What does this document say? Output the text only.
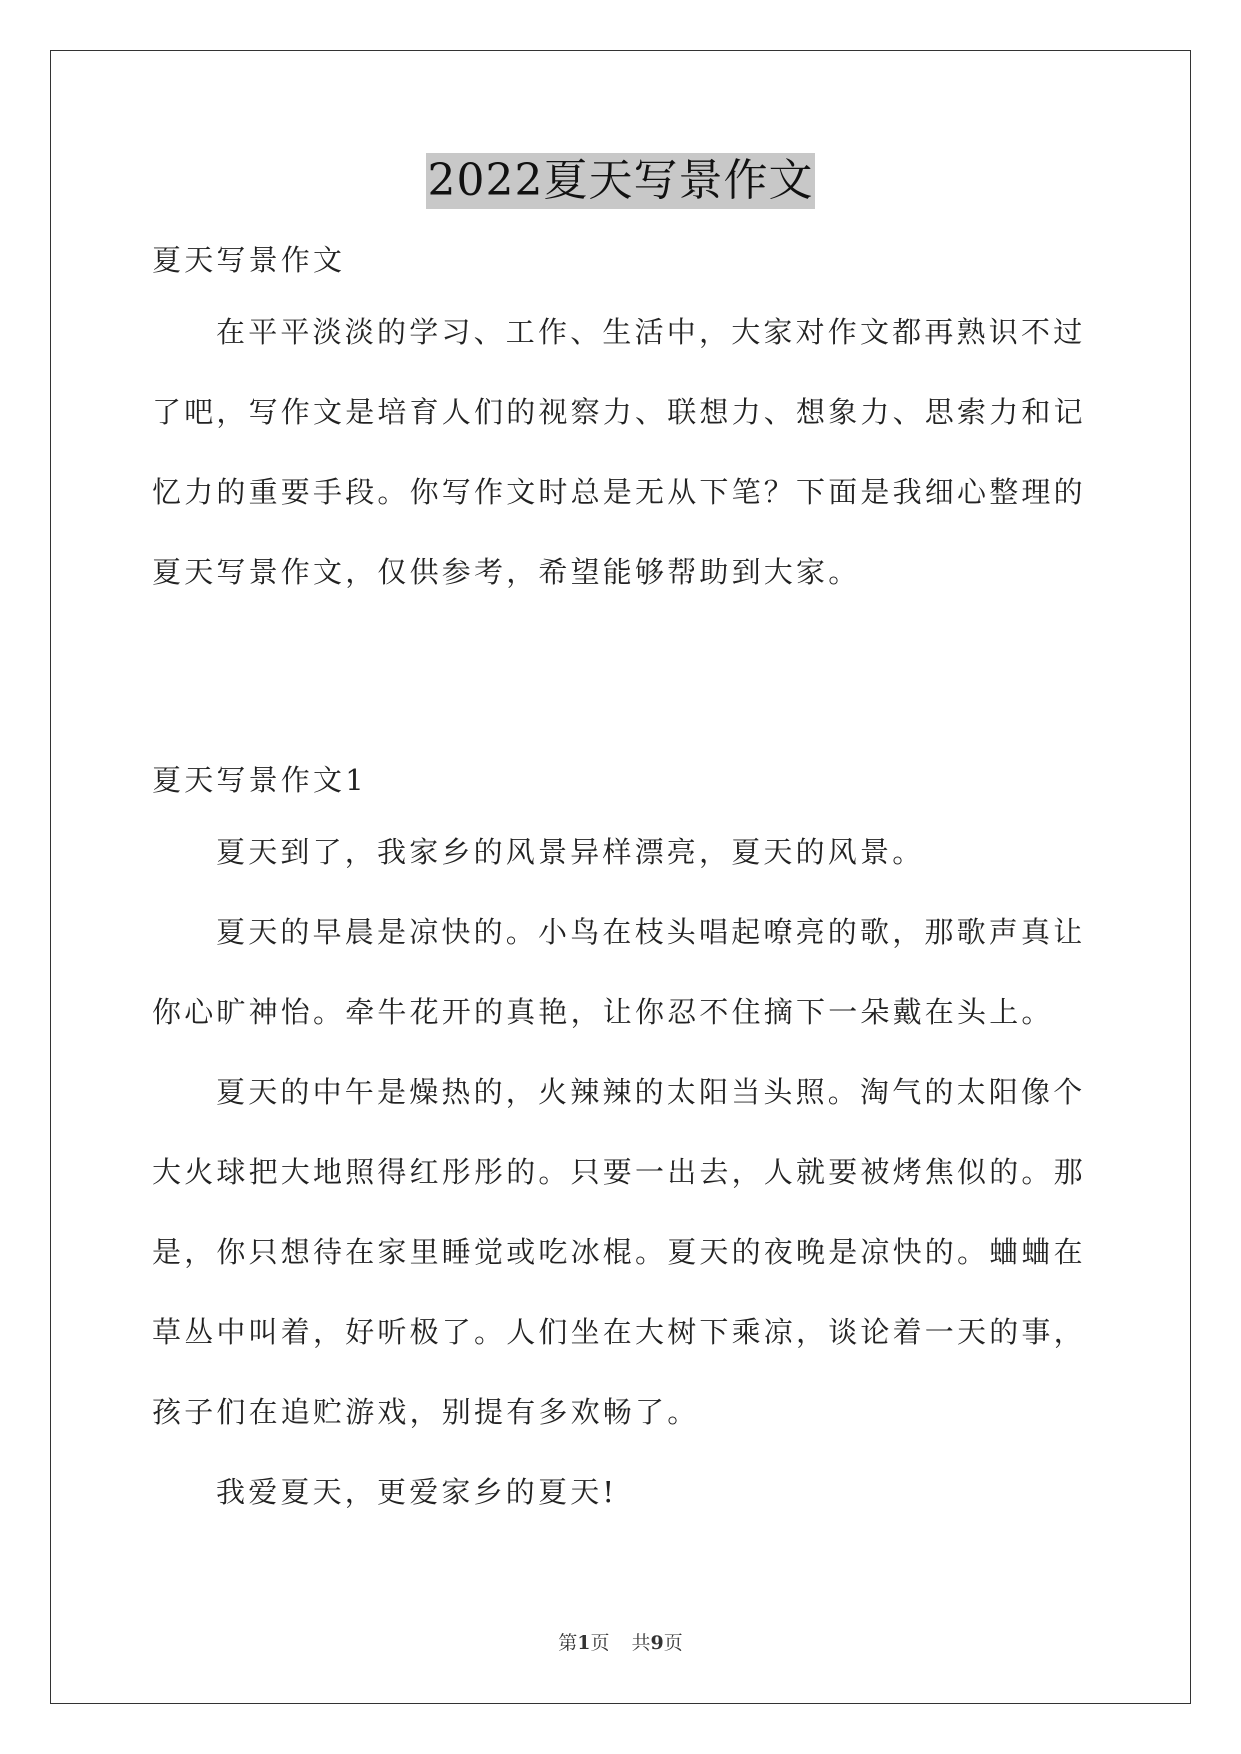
2022夏天写景作文

夏天写景作文

在平平淡淡的学习、工作、生活中，大家对作文都再熟识不过了吧，写作文是培育人们的视察力、联想力、想象力、思索力和记忆力的重要手段。你写作文时总是无从下笔？下面是我细心整理的夏天写景作文，仅供参考，希望能够帮助到大家。

夏天写景作文1

夏天到了，我家乡的风景异样漂亮，夏天的风景。

夏天的早晨是凉快的。小鸟在枝头唱起嘹亮的歌，那歌声真让你心旷神怡。牵牛花开的真艳，让你忍不住摘下一朵戴在头上。

夏天的中午是燥热的，火辣辣的太阳当头照。淘气的太阳像个大火球把大地照得红彤彤的。只要一出去，人就要被烤焦似的。那是，你只想待在家里睡觉或吃冰棍。夏天的夜晚是凉快的。蛐蛐在草丛中叫着，好听极了。人们坐在大树下乘凉，谈论着一天的事，孩子们在追贮游戏，别提有多欢畅了。

我爱夏天，更爱家乡的夏天!

第1页 共9页
